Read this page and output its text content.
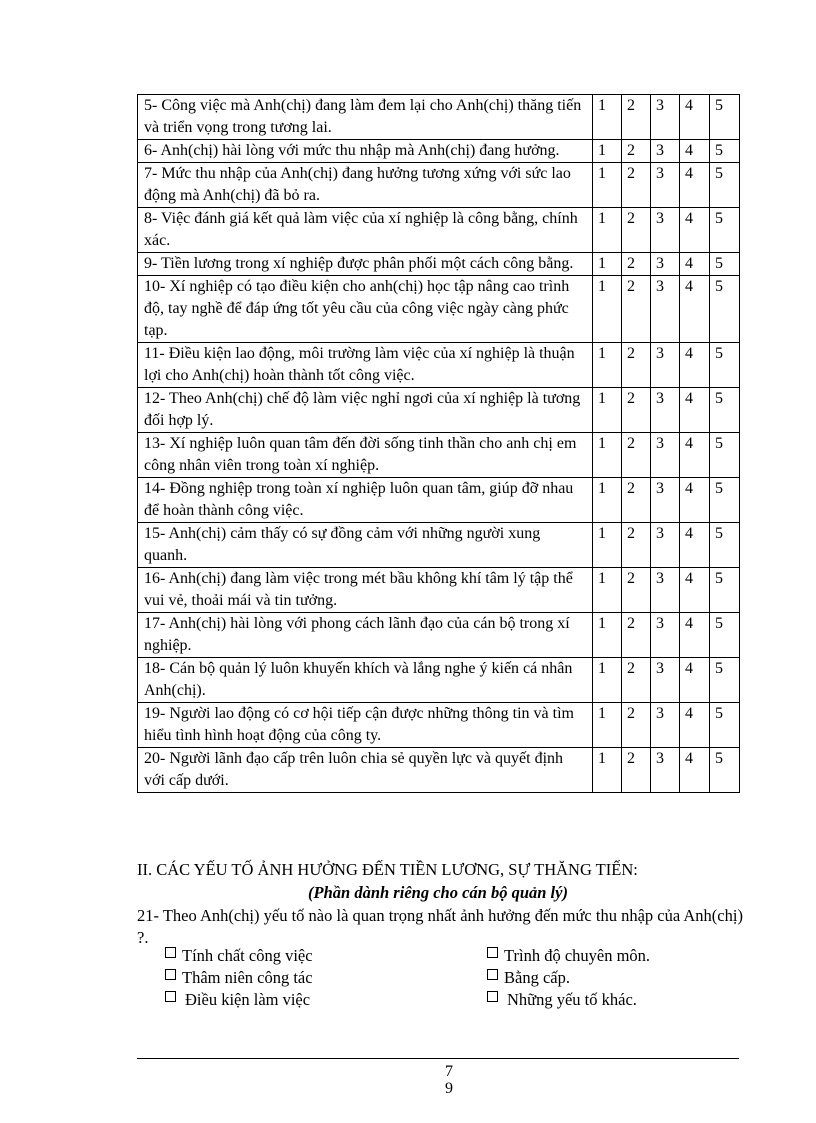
5- Công việc mà Anh(chị) đang làm đem lại cho Anh(chị) thăng tiến và triển vọng trong tương lai.	1	2	3	4	5
6- Anh(chị) hài lòng với mức thu nhập mà Anh(chị) đang hưởng.	1	2	3	4	5
7- Mức thu nhập của Anh(chị) đang hưởng tương xứng với sức lao động mà Anh(chị) đã bỏ ra.	1	2	3	4	5
8- Việc đánh giá kết quả làm việc của xí nghiệp là công bằng, chính xác.	1	2	3	4	5
9- Tiền lương trong xí nghiệp được phân phối một cách công bằng.	1	2	3	4	5
10- Xí nghiệp có tạo điều kiện cho anh(chị) học tập nâng cao trình độ, tay nghề để đáp ứng tốt yêu cầu của công việc ngày càng phức tạp.	1	2	3	4	5
11- Điều kiện lao động, môi trường làm việc của xí nghiệp là thuận lợi cho Anh(chị) hoàn thành tốt công việc.	1	2	3	4	5
12- Theo Anh(chị) chế độ làm việc nghỉ ngơi của xí nghiệp là tương đối hợp lý.	1	2	3	4	5
13- Xí nghiệp luôn quan tâm đến đời sống tinh thần cho anh chị em công nhân viên trong toàn xí nghiệp.	1	2	3	4	5
14- Đồng nghiệp trong toàn xí nghiệp luôn quan tâm, giúp đỡ nhau để hoàn thành công việc.	1	2	3	4	5
15- Anh(chị) cảm thấy có sự đồng cảm với những người xung quanh.	1	2	3	4	5
16- Anh(chị) đang làm việc trong mét bầu không khí tâm lý tập thể vui vẻ, thoải mái và tin tưởng.	1	2	3	4	5
17- Anh(chị) hài lòng với phong cách lãnh đạo của cán bộ trong xí nghiệp.	1	2	3	4	5
18- Cán bộ quản lý luôn khuyến khích và lắng nghe ý kiến cá nhân Anh(chị).	1	2	3	4	5
19- Người lao động có cơ hội tiếp cận được những thông tin và tìm hiểu tình hình hoạt động của công ty.	1	2	3	4	5
20- Người lãnh đạo cấp trên luôn chia sẻ quyền lực và quyết định với cấp dưới.	1	2	3	4	5
II. CÁC YẾU TỐ ẢNH HƯỞNG ĐẾN TIỀN LƯƠNG, SỰ THĂNG TIẾN:
(Phần dành riêng cho cán bộ quản lý)
21- Theo Anh(chị) yếu tố nào là quan trọng nhất ảnh hưởng đến mức thu nhập của Anh(chị) ?.
Tính chất công việc
Thâm niên công tác
Điều kiện làm việc
Trình độ chuyên môn.
Bằng cấp.
Những yếu tố khác.
7
9
